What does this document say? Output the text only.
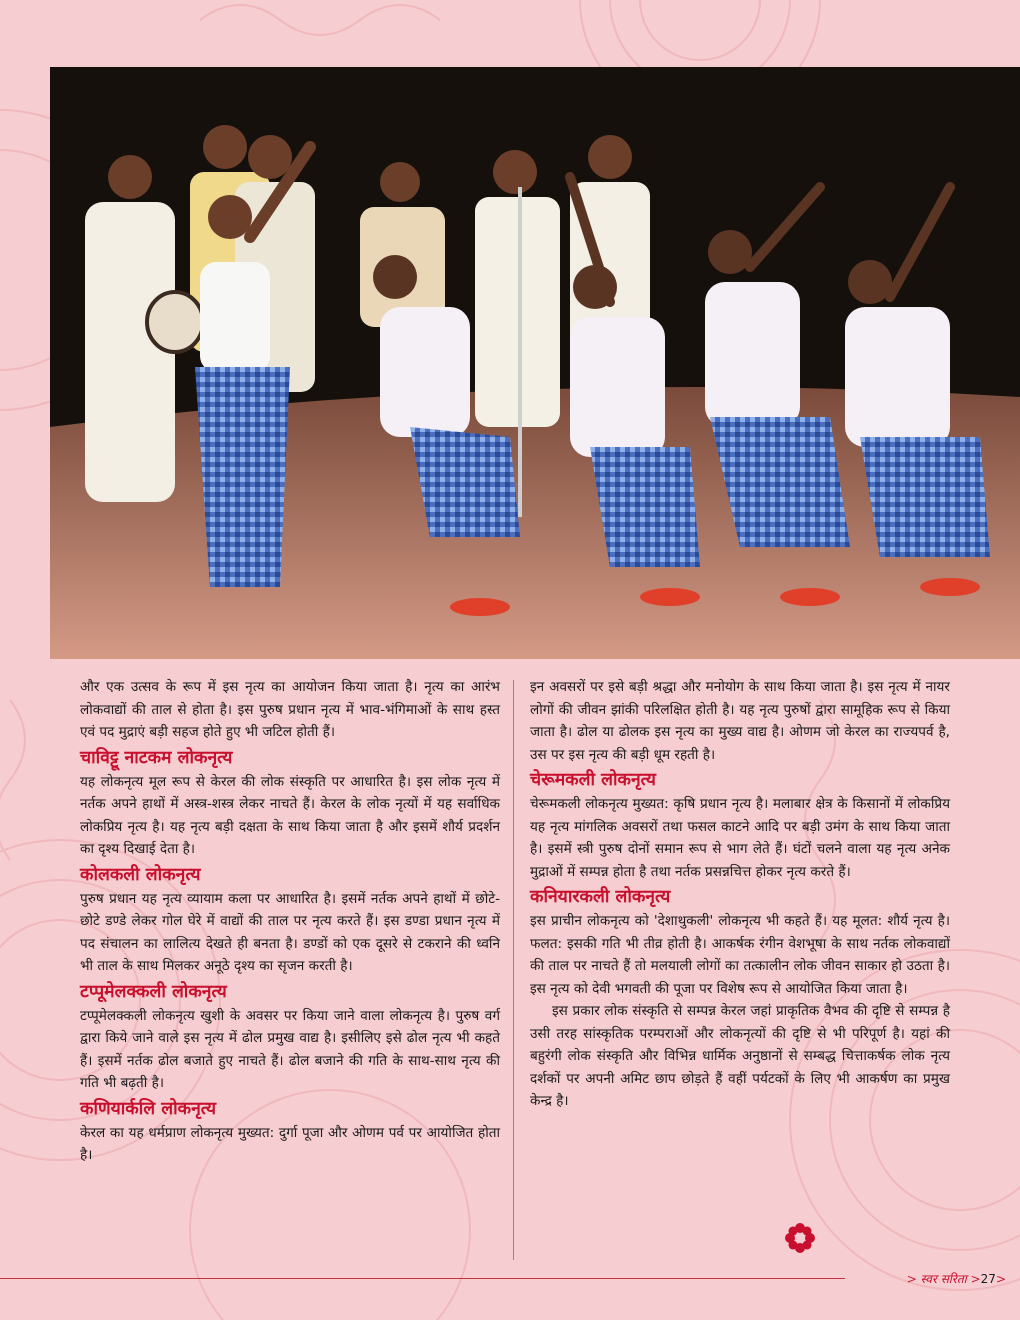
और एक उत्सव के रूप में इस नृत्य का आयोजन किया जाता है। नृत्य का आरंभ लोकवाद्यों की ताल से होता है। इस पुरुष प्रधान नृत्य में भाव-भंगिमाओं के साथ हस्त एवं पद मुद्राएं बड़ी सहज होते हुए भी जटिल होती हैं।

चाविट्टू नाटकम लोकनृत्य

यह लोकनृत्य मूल रूप से केरल की लोक संस्कृति पर आधारित है। इस लोक नृत्य में नर्तक अपने हाथों में अस्त्र-शस्त्र लेकर नाचते हैं। केरल के लोक नृत्यों में यह सर्वाधिक लोकप्रिय नृत्य है। यह नृत्य बड़ी दक्षता के साथ किया जाता है और इसमें शौर्य प्रदर्शन का दृश्य दिखाई देता है।

कोलकली लोकनृत्य

पुरुष प्रधान यह नृत्य व्यायाम कला पर आधारित है। इसमें नर्तक अपने हाथों में छोटे-छोटे डण्डे लेकर गोल घेरे में वाद्यों की ताल पर नृत्य करते हैं। इस डण्डा प्रधान नृत्य में पद संचालन का लालित्य देखते ही बनता है। डण्डों को एक दूसरे से टकराने की ध्वनि भी ताल के साथ मिलकर अनूठे दृश्य का सृजन करती है।

टप्पूमेलक्कली लोकनृत्य

टप्पूमेलक्कली लोकनृत्य खुशी के अवसर पर किया जाने वाला लोकनृत्य है। पुरुष वर्ग द्वारा किये जाने वाले इस नृत्य में ढोल प्रमुख वाद्य है। इसीलिए इसे ढोल नृत्य भी कहते हैं। इसमें नर्तक ढोल बजाते हुए नाचते हैं। ढोल बजाने की गति के साथ-साथ नृत्य की गति भी बढ़ती है।

कणियार्कलि लोकनृत्य

केरल का यह धर्मप्राण लोकनृत्य मुख्यत: दुर्गा पूजा और ओणम पर्व पर आयोजित होता है।

इन अवसरों पर इसे बड़ी श्रद्धा और मनोयोग के साथ किया जाता है। इस नृत्य में नायर लोगों की जीवन झांकी परिलक्षित होती है। यह नृत्य पुरुषों द्वारा सामूहिक रूप से किया जाता है। ढोल या ढोलक इस नृत्य का मुख्य वाद्य है। ओणम जो केरल का राज्यपर्व है, उस पर इस नृत्य की बड़ी धूम रहती है।

चेरूमकली लोकनृत्य

चेरूमकली लोकनृत्य मुख्यत: कृषि प्रधान नृत्य है। मलाबार क्षेत्र के किसानों में लोकप्रिय यह नृत्य मांगलिक अवसरों तथा फसल काटने आदि पर बड़ी उमंग के साथ किया जाता है। इसमें स्त्री पुरुष दोनों समान रूप से भाग लेते हैं। घंटों चलने वाला यह नृत्य अनेक मुद्राओं में सम्पन्न होता है तथा नर्तक प्रसन्नचित्त होकर नृत्य करते हैं।

कनियारकली लोकनृत्य

इस प्राचीन लोकनृत्य को 'देशाथुकली' लोकनृत्य भी कहते हैं। यह मूलत: शौर्य नृत्य है। फलत: इसकी गति भी तीव्र होती है। आकर्षक रंगीन वेशभूषा के साथ नर्तक लोकवाद्यों की ताल पर नाचते हैं तो मलयाली लोगों का तत्कालीन लोक जीवन साकार हो उठता है। इस नृत्य को देवी भगवती की पूजा पर विशेष रूप से आयोजित किया जाता है।

इस प्रकार लोक संस्कृति से सम्पन्न केरल जहां प्राकृतिक वैभव की दृष्टि से सम्पन्न है उसी तरह सांस्कृतिक परम्पराओं और लोकनृत्यों की दृष्टि से भी परिपूर्ण है। यहां की बहुरंगी लोक संस्कृति और विभिन्न धार्मिक अनुष्ठानों से सम्बद्ध चित्ताकर्षक लोक नृत्य दर्शकों पर अपनी अमिट छाप छोड़ते हैं वहीं पर्यटकों के लिए भी आकर्षण का प्रमुख केन्द्र है।

> स्वर सरिता >27>
